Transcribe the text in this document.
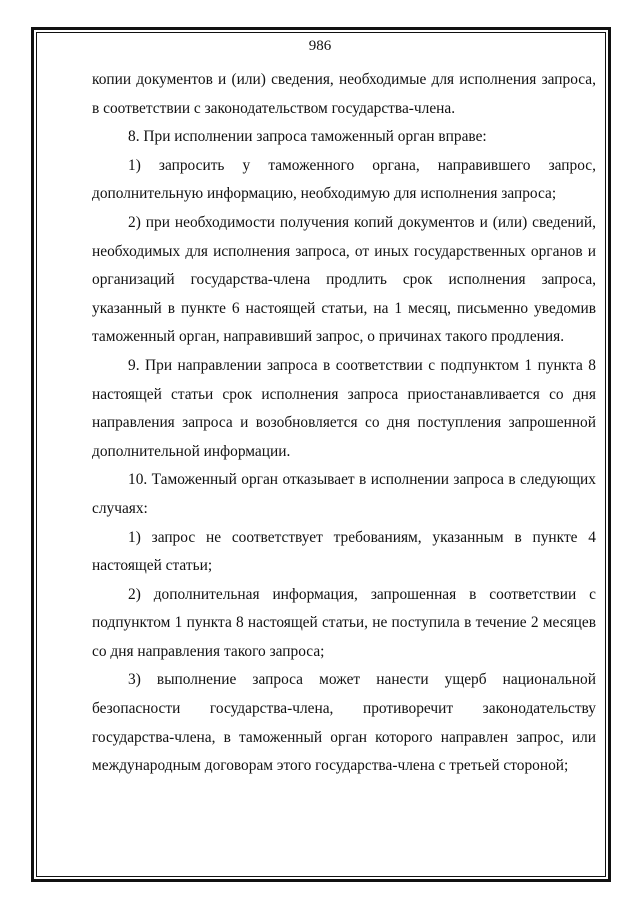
986

копии документов и (или) сведения, необходимые для исполнения запроса, в соответствии с законодательством государства-члена.

8. При исполнении запроса таможенный орган вправе:

1) запросить у таможенного органа, направившего запрос, дополнительную информацию, необходимую для исполнения запроса;

2) при необходимости получения копий документов и (или) сведений, необходимых для исполнения запроса, от иных государственных органов и организаций государства-члена продлить срок исполнения запроса, указанный в пункте 6 настоящей статьи, на 1 месяц, письменно уведомив таможенный орган, направивший запрос, о причинах такого продления.

9. При направлении запроса в соответствии с подпунктом 1 пункта 8 настоящей статьи срок исполнения запроса приостанавливается со дня направления запроса и возобновляется со дня поступления запрошенной дополнительной информации.

10. Таможенный орган отказывает в исполнении запроса в следующих случаях:

1) запрос не соответствует требованиям, указанным в пункте 4 настоящей статьи;

2) дополнительная информация, запрошенная в соответствии с подпунктом 1 пункта 8 настоящей статьи, не поступила в течение 2 месяцев со дня направления такого запроса;

3) выполнение запроса может нанести ущерб национальной безопасности государства-члена, противоречит законодательству государства-члена, в таможенный орган которого направлен запрос, или международным договорам этого государства-члена с третьей стороной;
